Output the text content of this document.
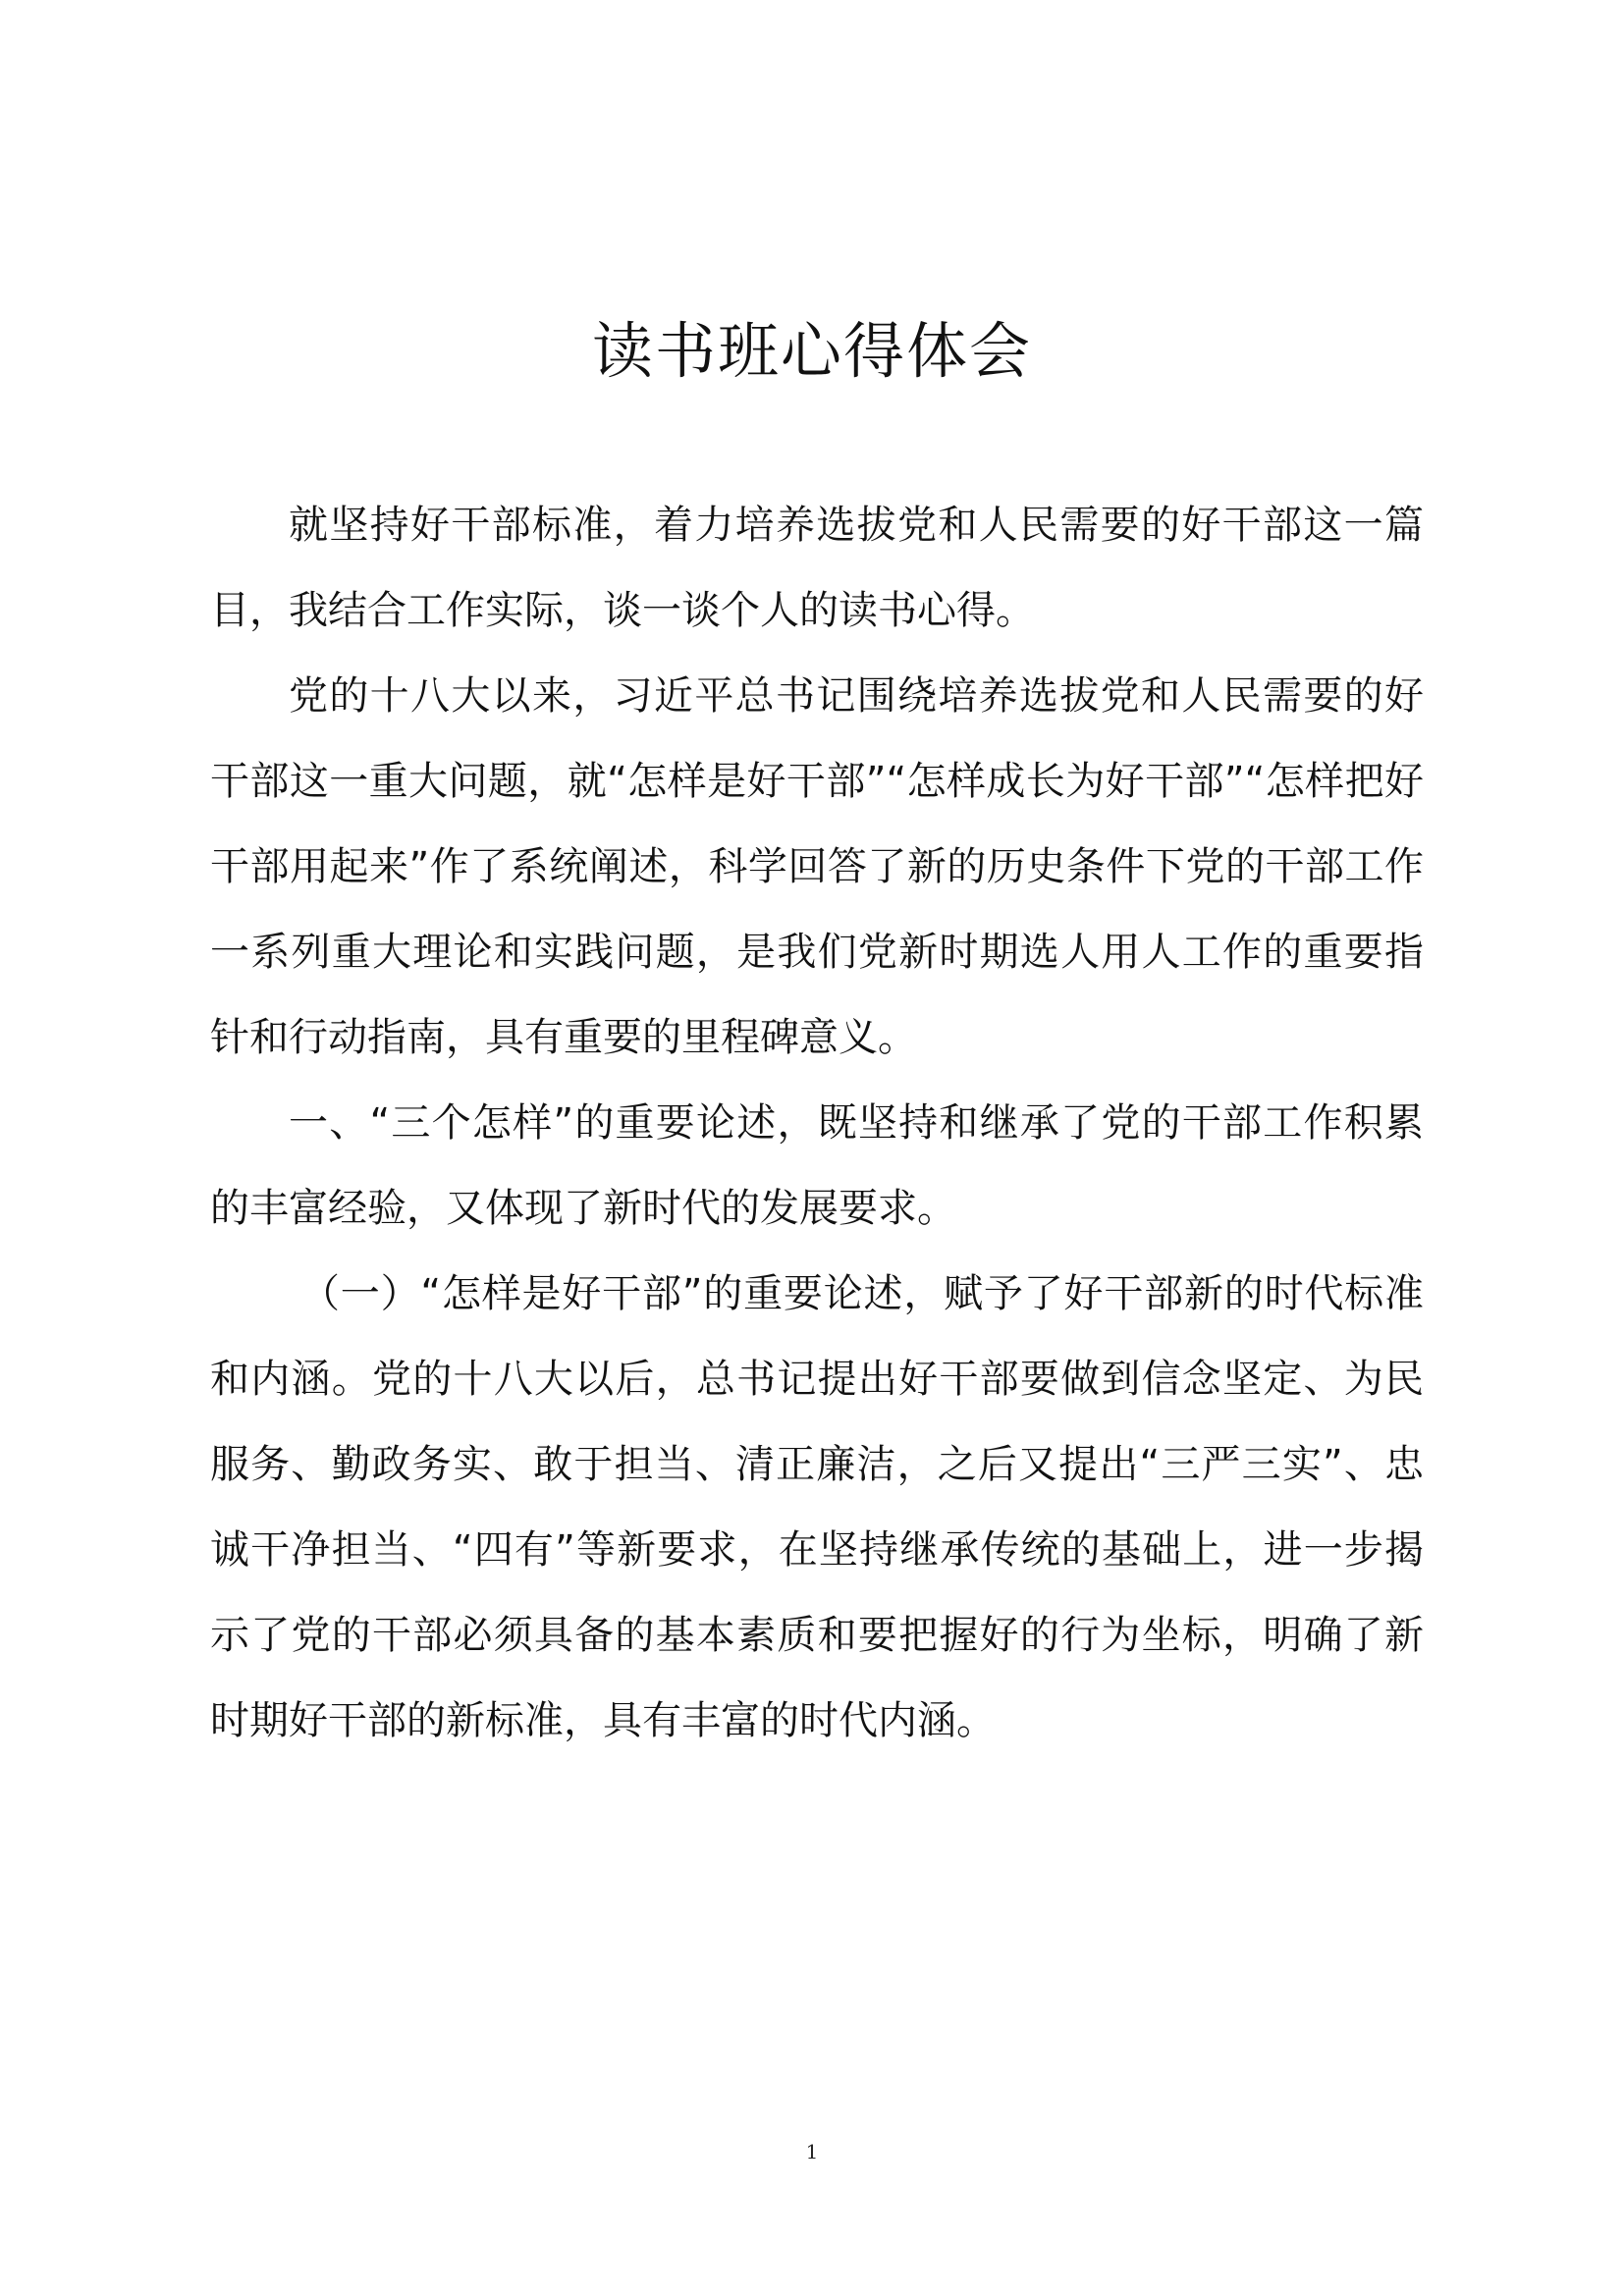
读书班心得体会

就坚持好干部标准，着力培养选拔党和人民需要的好干部这一篇目，我结合工作实际，谈一谈个人的读书心得。

党的十八大以来，习近平总书记围绕培养选拔党和人民需要的好干部这一重大问题，就“怎样是好干部”“怎样成长为好干部”“怎样把好干部用起来”作了系统阐述，科学回答了新的历史条件下党的干部工作一系列重大理论和实践问题，是我们党新时期选人用人工作的重要指针和行动指南，具有重要的里程碑意义。

一、“三个怎样”的重要论述，既坚持和继承了党的干部工作积累的丰富经验，又体现了新时代的发展要求。

（一）“怎样是好干部”的重要论述，赋予了好干部新的时代标准和内涵。党的十八大以后，总书记提出好干部要做到信念坚定、为民服务、勤政务实、敢于担当、清正廉洁，之后又提出“三严三实”、忠诚干净担当、“四有”等新要求，在坚持继承传统的基础上，进一步揭示了党的干部必须具备的基本素质和要把握好的行为坐标，明确了新时期好干部的新标准，具有丰富的时代内涵。

1
